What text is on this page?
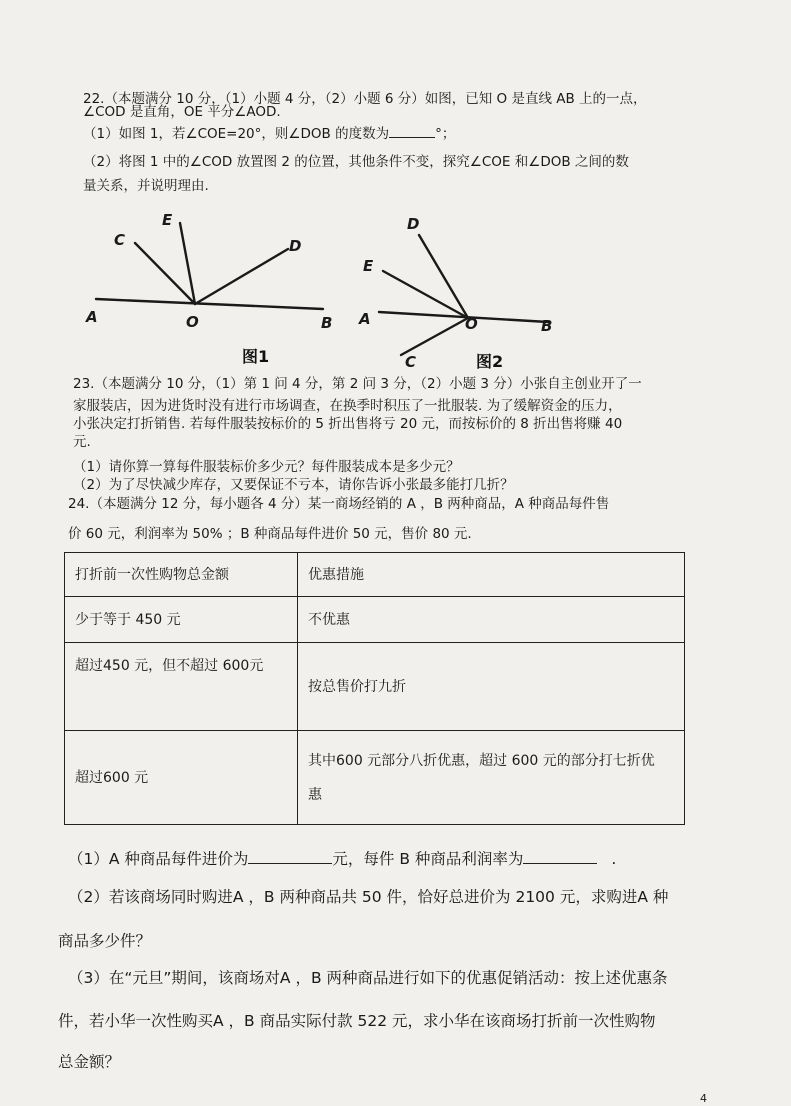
22.（本题满分 10 分，（1）小题 4 分，（2）小题 6 分）如图，已知 O 是直线 AB 上的一点，
∠COD 是直角，OE 平分∠AOD.
（1）如图 1，若∠COE=20°，则∠DOB 的度数为	°；
（2）将图 1 中的∠COD 放置图 2 的位置，其他条件不变，探究∠COE 和∠DOB 之间的数
量关系，并说明理由.
A	O	B
C
E
D
图1
A	O	B
D
E
C	图2
23.（本题满分 10 分，（1）第 1 问 4 分，第 2 问 3 分，（2）小题 3 分）小张自主创业开了一
家服装店，因为进货时没有进行市场调查，在换季时积压了一批服装. 为了缓解资金的压力，
小张决定打折销售. 若每件服装按标价的 5 折出售将亏 20 元，而按标价的 8 折出售将赚 40
元.
（1）请你算一算每件服装标价多少元？每件服装成本是多少元？
（2）为了尽快减少库存，又要保证不亏本，请你告诉小张最多能打几折？
24.（本题满分 12 分，每小题各 4 分）某一商场经销的 A ，B 两种商品，A 种商品每件售
价 60 元，利润率为 50% ；B 种商品每件进价 50 元，售价 80 元.
打折前一次性购物总金额	优惠措施
少于等于 450 元	不优惠
超过450 元，但不超过 600元	按总售价打九折
超过600 元	其中600 元部分八折优惠，超过 600 元的部分打七折优
惠
（1）A 种商品每件进价为	元，每件 B 种商品利润率为	.
（2）若该商场同时购进A ，B 两种商品共 50 件，恰好总进价为 2100 元，求购进A 种
商品多少件？
（3）在“元旦”期间，该商场对A ，B 两种商品进行如下的优惠促销活动：按上述优惠条
件，若小华一次性购买A ，B 商品实际付款 522 元，求小华在该商场打折前一次性购物
总金额？
4
